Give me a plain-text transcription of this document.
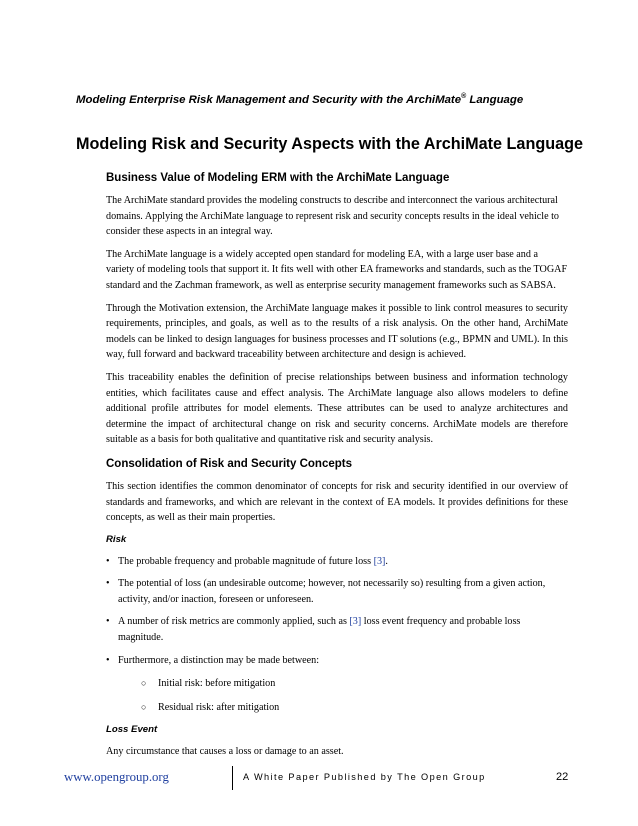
Modeling Enterprise Risk Management and Security with the ArchiMate® Language
Modeling Risk and Security Aspects with the ArchiMate Language
Business Value of Modeling ERM with the ArchiMate Language

The ArchiMate standard provides the modeling constructs to describe and interconnect the various architectural domains. Applying the ArchiMate language to represent risk and security concepts results in the ideal vehicle to consider these aspects in an integral way.

The ArchiMate language is a widely accepted open standard for modeling EA, with a large user base and a variety of modeling tools that support it. It fits well with other EA frameworks and standards, such as the TOGAF standard and the Zachman framework, as well as enterprise security management frameworks such as SABSA.

Through the Motivation extension, the ArchiMate language makes it possible to link control measures to security requirements, principles, and goals, as well as to the results of a risk analysis. On the other hand, ArchiMate models can be linked to design languages for business processes and IT solutions (e.g., BPMN and UML). In this way, full forward and backward traceability between architecture and design is achieved.

This traceability enables the definition of precise relationships between business and information technology entities, which facilitates cause and effect analysis. The ArchiMate language also allows modelers to define additional profile attributes for model elements. These attributes can be used to analyze architectures and determine the impact of architectural change on risk and security concerns. ArchiMate models are therefore suitable as a basis for both qualitative and quantitative risk and security analysis.

Consolidation of Risk and Security Concepts

This section identifies the common denominator of concepts for risk and security identified in our overview of standards and frameworks, and which are relevant in the context of EA models. It provides definitions for these concepts, as well as their main properties.

Risk
• The probable frequency and probable magnitude of future loss [3].
• The potential of loss (an undesirable outcome; however, not necessarily so) resulting from a given action, activity, and/or inaction, foreseen or unforeseen.
• A number of risk metrics are commonly applied, such as [3] loss event frequency and probable loss magnitude.
• Furthermore, a distinction may be made between:
○ Initial risk: before mitigation
○ Residual risk: after mitigation
Loss Event

Any circumstance that causes a loss or damage to an asset.

www.opengroup.org	A White Paper Published by The Open Group	22
